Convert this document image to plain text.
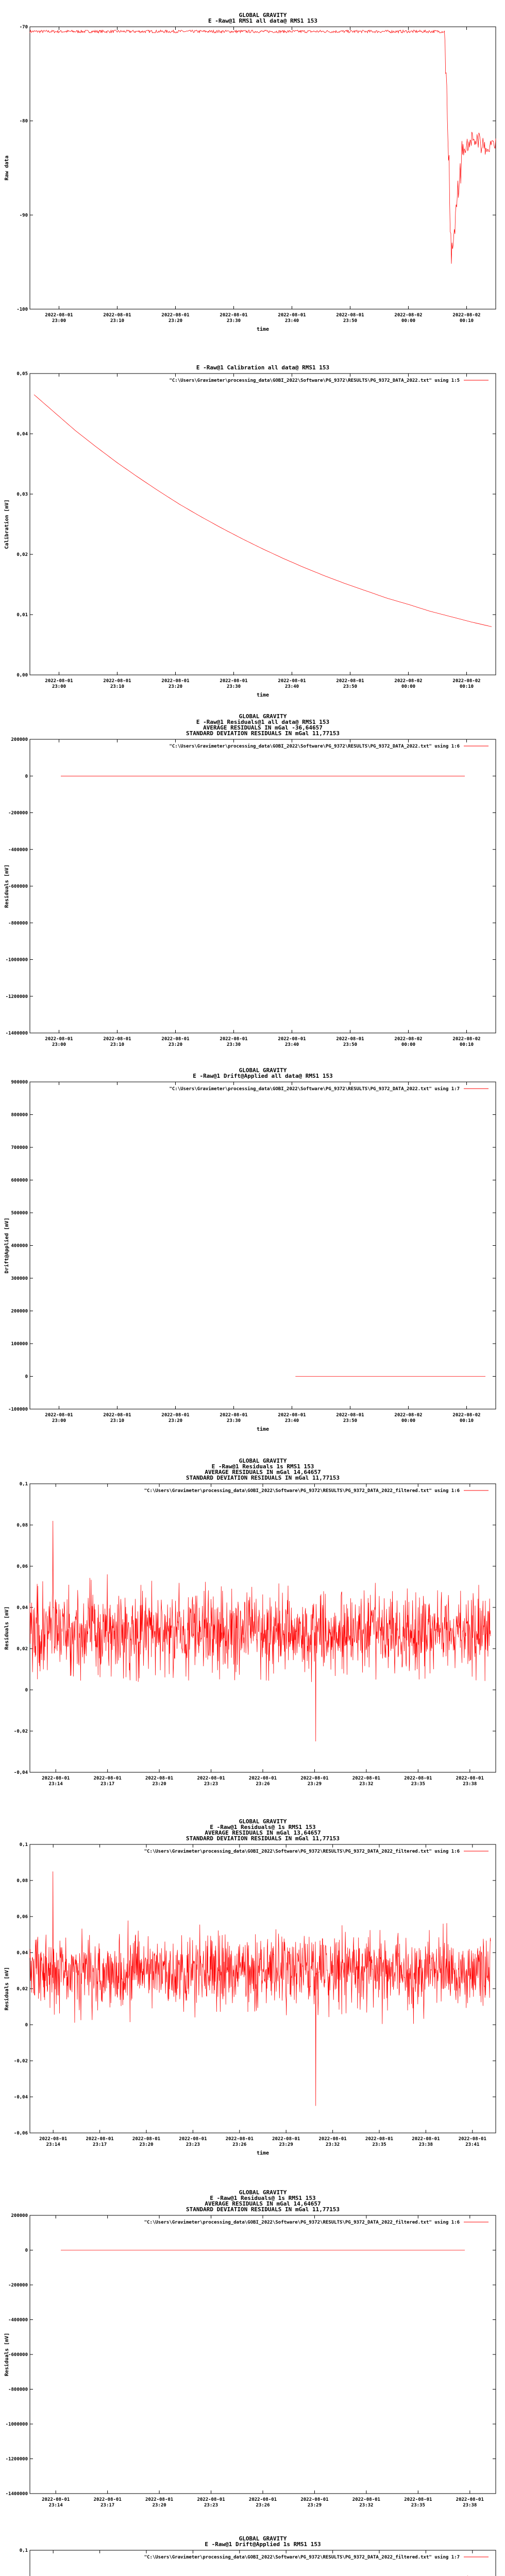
GLOBAL GRAVITY
E -Raw@1 RMS1 all data@ RMS1 153
-100
-90
-80
-70
2022-08-01
23:00
2022-08-01
23:10
2022-08-01
23:20
2022-08-01
23:30
2022-08-01
23:40
2022-08-01
23:50
2022-08-02
00:00
2022-08-02
00:10
time
Raw data
E -Raw@1 Calibration all data@ RMS1 153
0,00
0,01
0,02
0,03
0,04
0,05
2022-08-01
23:00
2022-08-01
23:10
2022-08-01
23:20
2022-08-01
23:30
2022-08-01
23:40
2022-08-01
23:50
2022-08-02
00:00
2022-08-02
00:10
time
Calibration [mV]
"C:\Users\Gravimeter\processing_data\GOBI_2022\Software\PG_9372\RESULTS\PG_9372_DATA_2022.txt" using 1:5
GLOBAL GRAVITY
E -Raw@1 Residuals@1 all data@ RMS1 153
AVERAGE RESIDUALS IN mGal -36,64657
STANDARD DEVIATION RESIDUALS IN mGal 11,77153
-1400000
-1200000
-1000000
-800000
-600000
-400000
-200000
0
200000
2022-08-01
23:00
2022-08-01
23:10
2022-08-01
23:20
2022-08-01
23:30
2022-08-01
23:40
2022-08-01
23:50
2022-08-02
00:00
2022-08-02
00:10
Residuals [mV]
"C:\Users\Gravimeter\processing_data\GOBI_2022\Software\PG_9372\RESULTS\PG_9372_DATA_2022.txt" using 1:6
GLOBAL GRAVITY
E -Raw@1 Drift@Applied all data@ RMS1 153
-100000
0
100000
200000
300000
400000
500000
600000
700000
800000
900000
2022-08-01
23:00
2022-08-01
23:10
2022-08-01
23:20
2022-08-01
23:30
2022-08-01
23:40
2022-08-01
23:50
2022-08-02
00:00
2022-08-02
00:10
time
Drift@Applied [mV]
"C:\Users\Gravimeter\processing_data\GOBI_2022\Software\PG_9372\RESULTS\PG_9372_DATA_2022.txt" using 1:7
GLOBAL GRAVITY
E -Raw@1 Residuals 1s RMS1 153
AVERAGE RESIDUALS IN mGal 14,64657
STANDARD DEVIATION RESIDUALS IN mGal 11,77153
-0,04
-0,02
0
0,02
0,04
0,06
0,08
0,1
2022-08-01
23:14
2022-08-01
23:17
2022-08-01
23:20
2022-08-01
23:23
2022-08-01
23:26
2022-08-01
23:29
2022-08-01
23:32
2022-08-01
23:35
2022-08-01
23:38
Residuals [mV]
"C:\Users\Gravimeter\processing_data\GOBI_2022\Software\PG_9372\RESULTS\PG_9372_DATA_2022_filtered.txt" using 1:6
GLOBAL GRAVITY
E -Raw@1 Residuals@ 1s RMS1 153
AVERAGE RESIDUALS IN mGal 13,64657
STANDARD DEVIATION RESIDUALS IN mGal 11,77153
-0,06
-0,04
-0,02
0
0,02
0,04
0,06
0,08
0,1
2022-08-01
23:14
2022-08-01
23:17
2022-08-01
23:20
2022-08-01
23:23
2022-08-01
23:26
2022-08-01
23:29
2022-08-01
23:32
2022-08-01
23:35
2022-08-01
23:38
2022-08-01
23:41
time
Residuals [mV]
"C:\Users\Gravimeter\processing_data\GOBI_2022\Software\PG_9372\RESULTS\PG_9372_DATA_2022_filtered.txt" using 1:6
GLOBAL GRAVITY
E -Raw@1 Residuals@ 1s RMS1 153
AVERAGE RESIDUALS IN mGal 14,64657
STANDARD DEVIATION RESIDUALS IN mGal 11,77153
-1400000
-1200000
-1000000
-800000
-600000
-400000
-200000
0
200000
2022-08-01
23:14
2022-08-01
23:17
2022-08-01
23:20
2022-08-01
23:23
2022-08-01
23:26
2022-08-01
23:29
2022-08-01
23:32
2022-08-01
23:35
2022-08-01
23:38
Residuals [mV]
"C:\Users\Gravimeter\processing_data\GOBI_2022\Software\PG_9372\RESULTS\PG_9372_DATA_2022_filtered.txt" using 1:6
GLOBAL GRAVITY
E -Raw@1 Drift@Applied 1s RMS1 153
0,1
"C:\Users\Gravimeter\processing_data\GOBI_2022\Software\PG_9372\RESULTS\PG_9372_DATA_2022_filtered.txt" using 1:7
